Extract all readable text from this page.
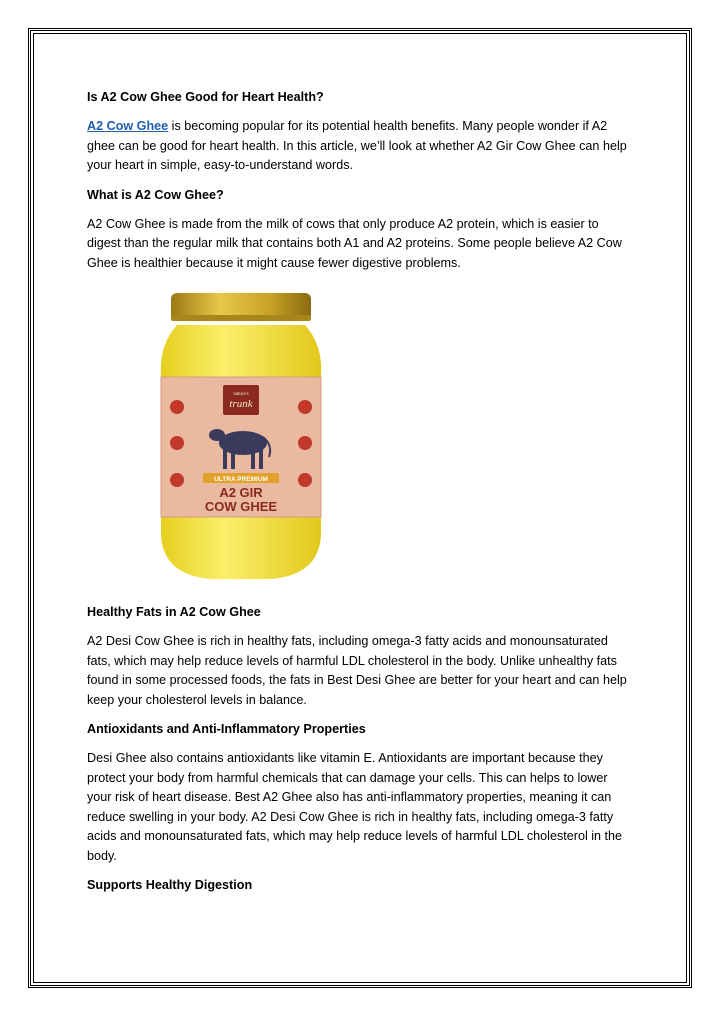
Is A2 Cow Ghee Good for Heart Health?

A2 Cow Ghee is becoming popular for its potential health benefits. Many people wonder if A2 ghee can be good for heart health. In this article, we’ll look at whether A2 Gir Cow Ghee can help your heart in simple, easy-to-understand words.

What is A2 Cow Ghee?

A2 Cow Ghee is made from the milk of cows that only produce A2 protein, which is easier to digest than the regular milk that contains both A1 and A2 proteins. Some people believe A2 Cow Ghee is healthier because it might cause fewer digestive problems.

nature's
trunk
ULTRA PREMIUM
A2 GIR
COW GHEE
Healthy Fats in A2 Cow Ghee

A2 Desi Cow Ghee is rich in healthy fats, including omega-3 fatty acids and monounsaturated fats, which may help reduce levels of harmful LDL cholesterol in the body. Unlike unhealthy fats found in some processed foods, the fats in Best Desi Ghee are better for your heart and can help keep your cholesterol levels in balance.

Antioxidants and Anti-Inflammatory Properties

Desi Ghee also contains antioxidants like vitamin E. Antioxidants are important because they protect your body from harmful chemicals that can damage your cells. This can helps to lower your risk of heart disease. Best A2 Ghee also has anti-inflammatory properties, meaning it can reduce swelling in your body. A2 Desi Cow Ghee is rich in healthy fats, including omega-3 fatty acids and monounsaturated fats, which may help reduce levels of harmful LDL cholesterol in the body.

Supports Healthy Digestion
